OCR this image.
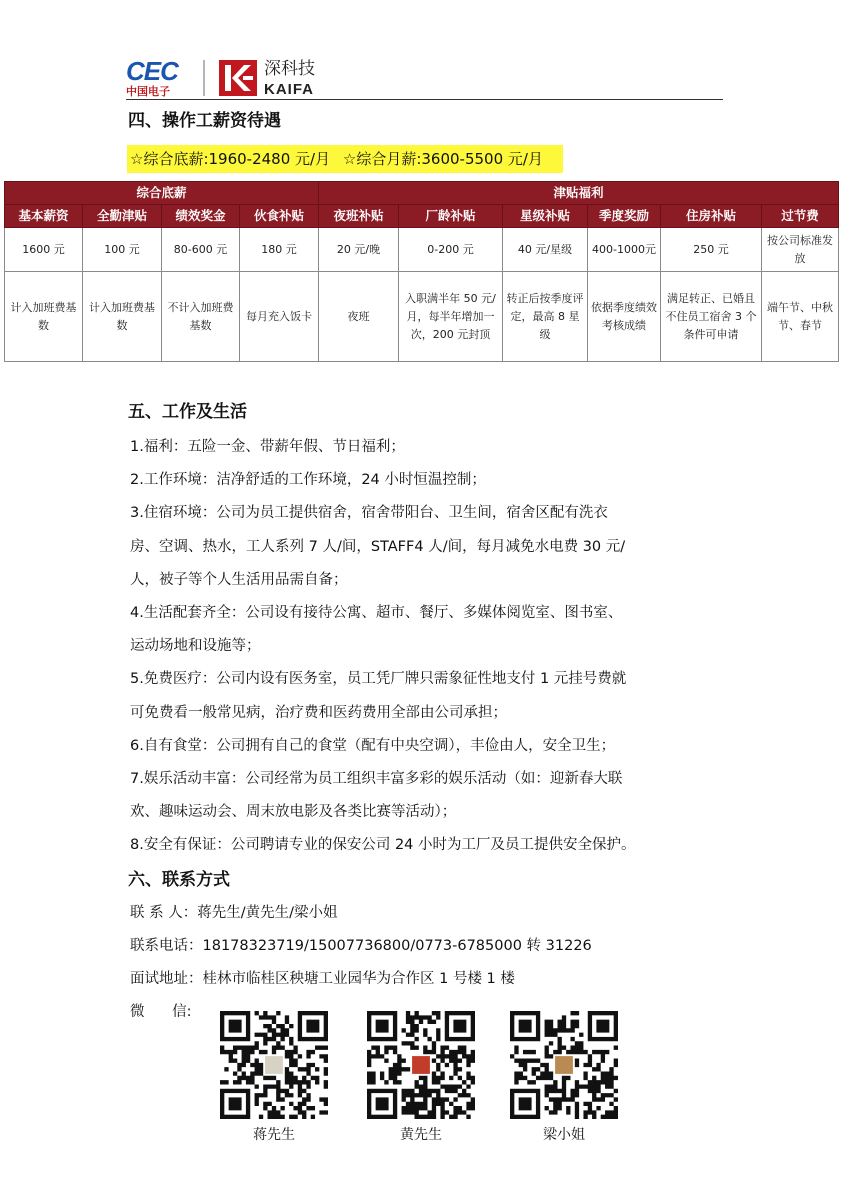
CEC
中国电子
深科技
KAIFA
四、操作工薪资待遇
☆综合底薪:1960-2480 元/月 ☆综合月薪:3600-5500 元/月
综合底薪				津贴福利					
基本薪资	全勤津贴	绩效奖金	伙食补贴	夜班补贴	厂龄补贴	星级补贴	季度奖励	住房补贴	过节费
1600 元	100 元	80-600 元	180 元	20 元/晚	0-200 元	40 元/星级	400-1000元	250 元	按公司标准发放
计入加班费基数	计入加班费基数	不计入加班费基数	每月充入饭卡	夜班	入职满半年 50 元/月，每半年增加一次，200 元封顶	转正后按季度评定，最高 8 星级	依据季度绩效考核成绩	满足转正、已婚且不住员工宿舍 3 个条件可申请	端午节、中秋节、春节
五、工作及生活
1.福利：五险一金、带薪年假、节日福利；
2.工作环境：洁净舒适的工作环境，24 小时恒温控制；
3.住宿环境：公司为员工提供宿舍，宿舍带阳台、卫生间，宿舍区配有洗衣
房、空调、热水，工人系列 7 人/间，STAFF4 人/间，每月减免水电费 30 元/
人，被子等个人生活用品需自备；
4.生活配套齐全：公司设有接待公寓、超市、餐厅、多媒体阅览室、图书室、
运动场地和设施等；
5.免费医疗：公司内设有医务室，员工凭厂牌只需象征性地支付 1 元挂号费就
可免费看一般常见病，治疗费和医药费用全部由公司承担；
6.自有食堂：公司拥有自己的食堂（配有中央空调），丰俭由人，安全卫生；
7.娱乐活动丰富：公司经常为员工组织丰富多彩的娱乐活动（如：迎新春大联
欢、趣味运动会、周末放电影及各类比赛等活动）；
8.安全有保证：公司聘请专业的保安公司 24 小时为工厂及员工提供安全保护。
六、联系方式
联 系 人：蒋先生/黄先生/梁小姐
联系电话：18178323719/15007736800/0773-6785000 转 31226
面试地址：桂林市临桂区秧塘工业园华为合作区 1 号楼 1 楼
微      信:
蒋先生	黄先生	梁小姐
